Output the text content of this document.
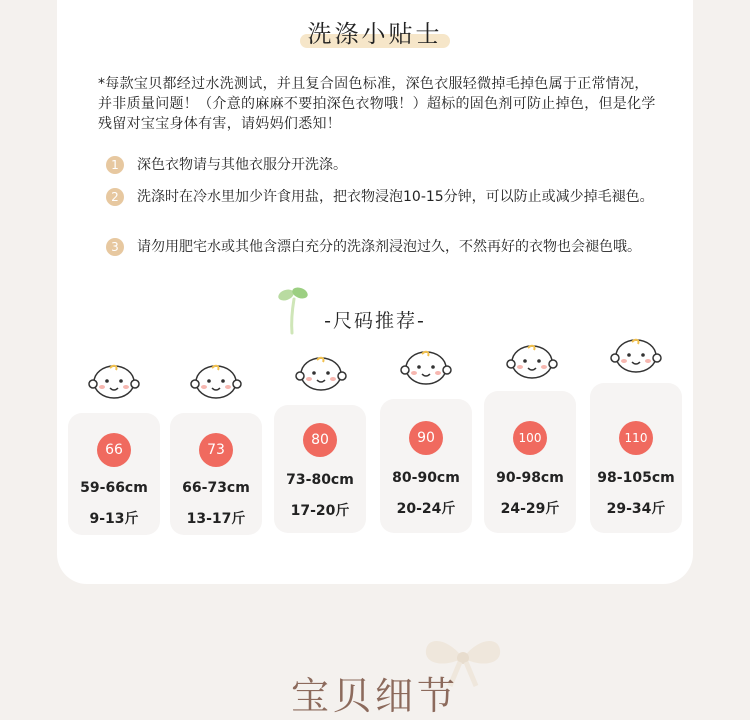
洗涤小贴士
*每款宝贝都经过水洗测试，并且复合固色标准，深色衣服轻微掉毛掉色属于正常情况，并非质量问题！（介意的麻麻不要拍深色衣物哦！）超标的固色剂可防止掉色，但是化学残留对宝宝身体有害，请妈妈们悉知！
1	深色衣物请与其他衣服分开洗涤。
2	洗涤时在冷水里加少许食用盐，把衣物浸泡10-15分钟，可以防止或减少掉毛褪色。
3	请勿用肥宅水或其他含漂白充分的洗涤剂浸泡过久，不然再好的衣物也会褪色哦。
-尺码推荐-
66
59-66cm
9-13斤
73
66-73cm
13-17斤
80
73-80cm
17-20斤
90
80-90cm
20-24斤
100
90-98cm
24-29斤
110
98-105cm
29-34斤
宝贝细节
